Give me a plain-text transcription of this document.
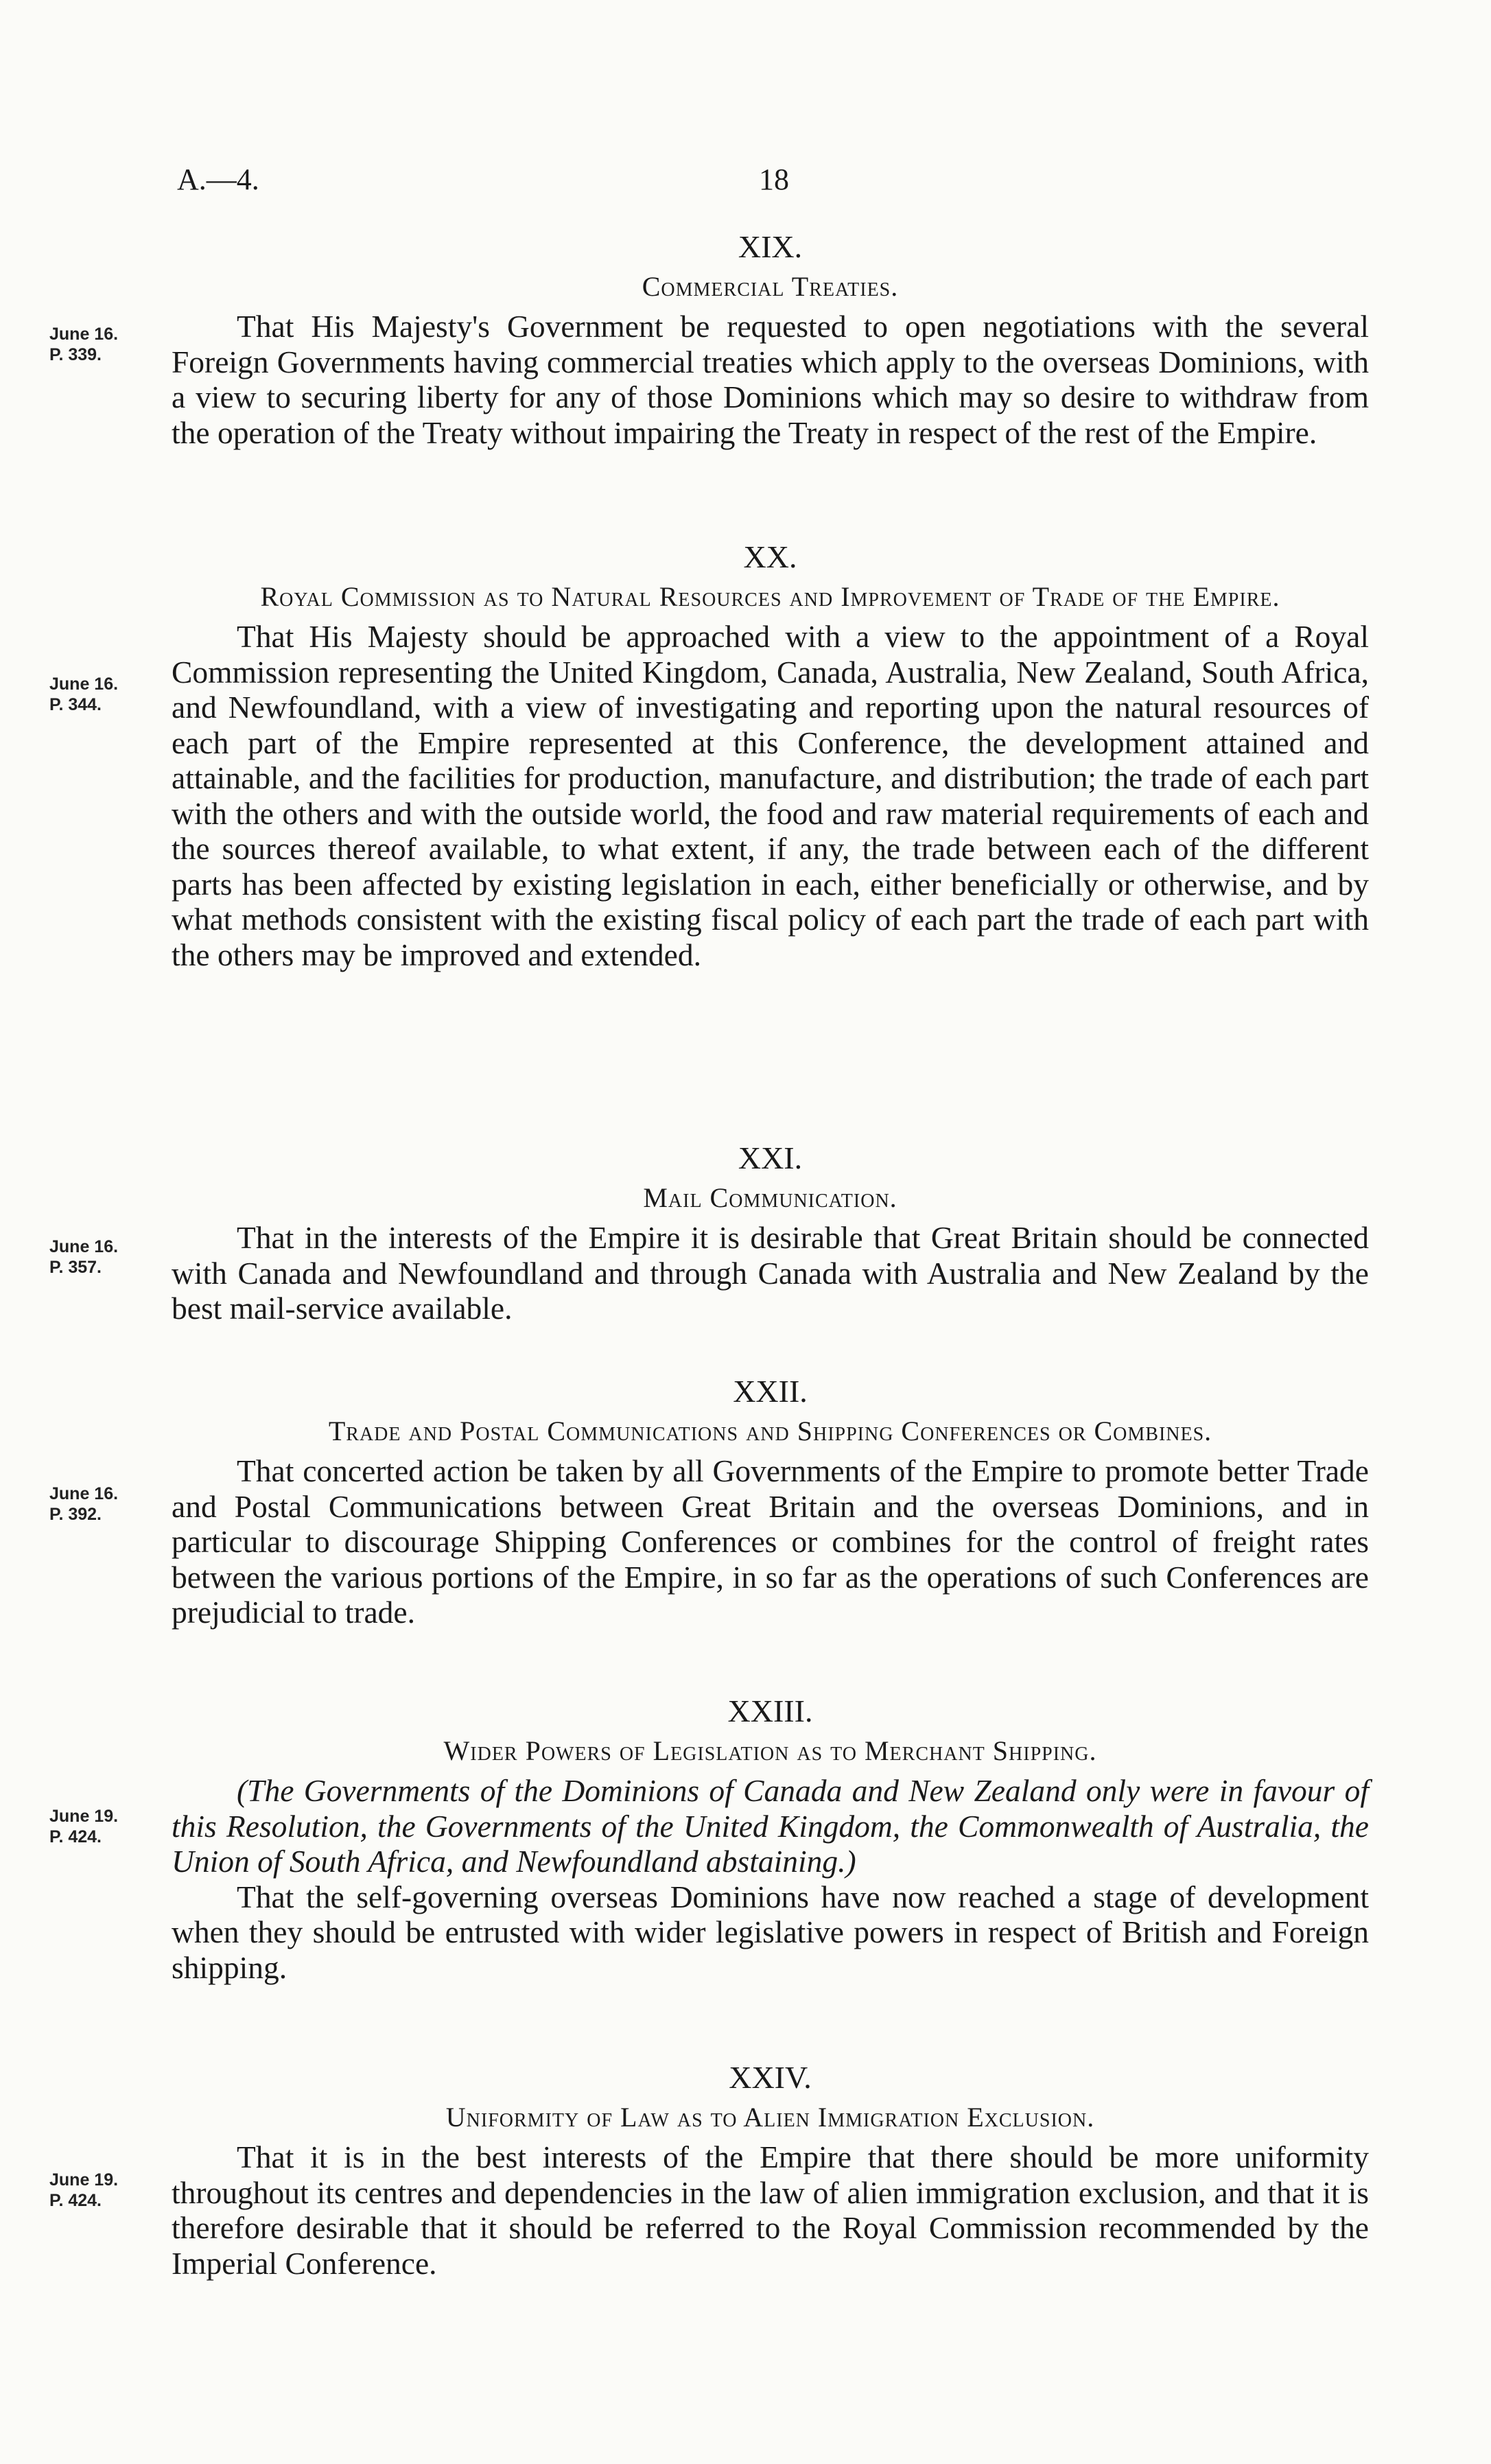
A.—4.	18
June 16.
P. 339.
XIX.
Commercial Treaties.

That His Majesty's Government be requested to open negotiations with the several Foreign Governments having commercial treaties which apply to the overseas Dominions, with a view to securing liberty for any of those Dominions which may so desire to withdraw from the operation of the Treaty without impairing the Treaty in respect of the rest of the Empire.

June 16.
P. 344.
XX.
Royal Commission as to Natural Resources and Improvement of Trade of the Empire.

That His Majesty should be approached with a view to the appointment of a Royal Commission representing the United Kingdom, Canada, Australia, New Zealand, South Africa, and Newfoundland, with a view of investigating and reporting upon the natural resources of each part of the Empire represented at this Conference, the development attained and attainable, and the facilities for production, manufacture, and distribution; the trade of each part with the others and with the outside world, the food and raw material requirements of each and the sources thereof available, to what extent, if any, the trade between each of the different parts has been affected by existing legislation in each, either beneficially or otherwise, and by what methods consistent with the existing fiscal policy of each part the trade of each part with the others may be improved and extended.

June 16.
P. 357.
XXI.
Mail Communication.

That in the interests of the Empire it is desirable that Great Britain should be connected with Canada and Newfoundland and through Canada with Australia and New Zealand by the best mail-service available.

June 16.
P. 392.
XXII.
Trade and Postal Communications and Shipping Conferences or Combines.

That concerted action be taken by all Governments of the Empire to promote better Trade and Postal Communications between Great Britain and the overseas Dominions, and in particular to discourage Shipping Conferences or combines for the control of freight rates between the various portions of the Empire, in so far as the operations of such Conferences are prejudicial to trade.

June 19.
P. 424.
XXIII.
Wider Powers of Legislation as to Merchant Shipping.

(The Governments of the Dominions of Canada and New Zealand only were in favour of this Resolution, the Governments of the United Kingdom, the Commonwealth of Australia, the Union of South Africa, and Newfoundland abstaining.)

That the self-governing overseas Dominions have now reached a stage of development when they should be entrusted with wider legislative powers in respect of British and Foreign shipping.

June 19.
P. 424.
XXIV.
Uniformity of Law as to Alien Immigration Exclusion.

That it is in the best interests of the Empire that there should be more uniformity throughout its centres and dependencies in the law of alien immigration exclusion, and that it is therefore desirable that it should be referred to the Royal Commission recommended by the Imperial Conference.
